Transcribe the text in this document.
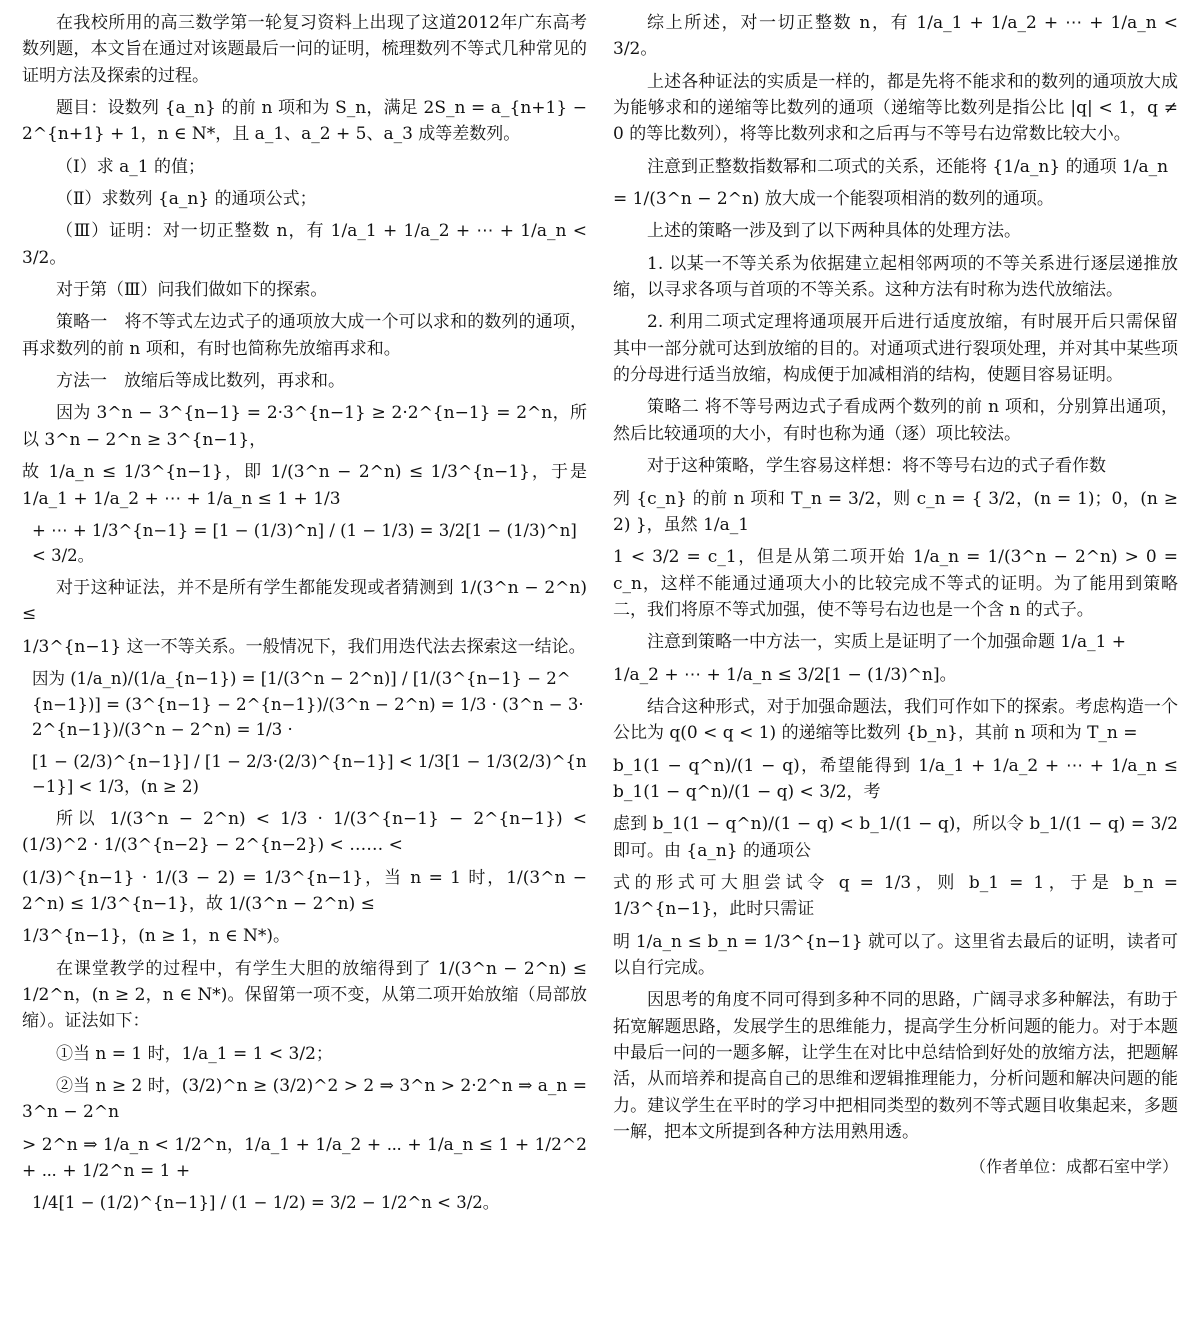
在我校所用的高三数学第一轮复习资料上出现了这道2012年广东高考数列题，本文旨在通过对该题最后一问的证明，梳理数列不等式几种常见的证明方法及探索的过程。

题目：设数列 {a_n} 的前 n 项和为 S_n，满足 2S_n = a_{n+1} − 2^{n+1} + 1，n ∈ N*，且 a_1、a_2 + 5、a_3 成等差数列。

（Ⅰ）求 a_1 的值；

（Ⅱ）求数列 {a_n} 的通项公式；

（Ⅲ）证明：对一切正整数 n，有 1/a_1 + 1/a_2 + ⋯ + 1/a_n < 3/2。

对于第（Ⅲ）问我们做如下的探索。

策略一　将不等式左边式子的通项放大成一个可以求和的数列的通项，再求数列的前 n 项和，有时也简称先放缩再求和。

方法一　放缩后等成比数列，再求和。

因为 3^n − 3^{n−1} = 2·3^{n−1} ≥ 2·2^{n−1} = 2^n，所以 3^n − 2^n ≥ 3^{n−1}，

故 1/a_n ≤ 1/3^{n−1}，即 1/(3^n − 2^n) ≤ 1/3^{n−1}，于是 1/a_1 + 1/a_2 + ⋯ + 1/a_n ≤ 1 + 1/3

+ ⋯ + 1/3^{n−1} = [1 − (1/3)^n] / (1 − 1/3) = 3/2[1 − (1/3)^n] < 3/2。

对于这种证法，并不是所有学生都能发现或者猜测到 1/(3^n − 2^n) ≤

1/3^{n−1} 这一不等关系。一般情况下，我们用迭代法去探索这一结论。

因为 (1/a_n)/(1/a_{n−1}) = [1/(3^n − 2^n)] / [1/(3^{n−1} − 2^{n−1})] = (3^{n−1} − 2^{n−1})/(3^n − 2^n) = 1/3 · (3^n − 3·2^{n−1})/(3^n − 2^n) = 1/3 ·

[1 − (2/3)^{n−1}] / [1 − 2/3·(2/3)^{n−1}] < 1/3[1 − 1/3(2/3)^{n−1}] < 1/3，(n ≥ 2)

所以 1/(3^n − 2^n) < 1/3 · 1/(3^{n−1} − 2^{n−1}) < (1/3)^2 · 1/(3^{n−2} − 2^{n−2}) < …… <

(1/3)^{n−1} · 1/(3 − 2) = 1/3^{n−1}，当 n = 1 时，1/(3^n − 2^n) ≤ 1/3^{n−1}，故 1/(3^n − 2^n) ≤

1/3^{n−1}，(n ≥ 1，n ∈ N*)。

在课堂教学的过程中，有学生大胆的放缩得到了 1/(3^n − 2^n) ≤ 1/2^n，(n ≥ 2，n ∈ N*)。保留第一项不变，从第二项开始放缩（局部放缩）。证法如下：

①当 n = 1 时，1/a_1 = 1 < 3/2；

②当 n ≥ 2 时，(3/2)^n ≥ (3/2)^2 > 2 ⇒ 3^n > 2·2^n ⇒ a_n = 3^n − 2^n

> 2^n ⇒ 1/a_n < 1/2^n，1/a_1 + 1/a_2 + ⋯ + 1/a_n ≤ 1 + 1/2^2 + ⋯ + 1/2^n = 1 +

1/4[1 − (1/2)^{n−1}] / (1 − 1/2) = 3/2 − 1/2^n < 3/2。

综上所述，对一切正整数 n，有 1/a_1 + 1/a_2 + ⋯ + 1/a_n < 3/2。

上述各种证法的实质是一样的，都是先将不能求和的数列的通项放大成为能够求和的递缩等比数列的通项（递缩等比数列是指公比 |q| < 1，q ≠ 0 的等比数列），将等比数列求和之后再与不等号右边常数比较大小。

注意到正整数指数幂和二项式的关系，还能将 {1/a_n} 的通项 1/a_n

= 1/(3^n − 2^n) 放大成一个能裂项相消的数列的通项。

上述的策略一涉及到了以下两种具体的处理方法。

1. 以某一不等关系为依据建立起相邻两项的不等关系进行逐层递推放缩，以寻求各项与首项的不等关系。这种方法有时称为迭代放缩法。

2. 利用二项式定理将通项展开后进行适度放缩，有时展开后只需保留其中一部分就可达到放缩的目的。对通项式进行裂项处理，并对其中某些项的分母进行适当放缩，构成便于加减相消的结构，使题目容易证明。

策略二 将不等号两边式子看成两个数列的前 n 项和，分别算出通项，然后比较通项的大小，有时也称为通（逐）项比较法。

对于这种策略，学生容易这样想：将不等号右边的式子看作数

列 {c_n} 的前 n 项和 T_n = 3/2，则 c_n = { 3/2，(n = 1)；0，(n ≥ 2) }，虽然 1/a_1

1 < 3/2 = c_1，但是从第二项开始 1/a_n = 1/(3^n − 2^n) > 0 = c_n，这样不能通过通项大小的比较完成不等式的证明。为了能用到策略二，我们将原不等式加强，使不等号右边也是一个含 n 的式子。

注意到策略一中方法一，实质上是证明了一个加强命题 1/a_1 +

1/a_2 + ⋯ + 1/a_n ≤ 3/2[1 − (1/3)^n]。

结合这种形式，对于加强命题法，我们可作如下的探索。考虑构造一个公比为 q(0 < q < 1) 的递缩等比数列 {b_n}，其前 n 项和为 T_n =

b_1(1 − q^n)/(1 − q)，希望能得到 1/a_1 + 1/a_2 + ⋯ + 1/a_n ≤ b_1(1 − q^n)/(1 − q) < 3/2，考

虑到 b_1(1 − q^n)/(1 − q) < b_1/(1 − q)，所以令 b_1/(1 − q) = 3/2 即可。由 {a_n} 的通项公

式的形式可大胆尝试令 q = 1/3，则 b_1 = 1，于是 b_n = 1/3^{n−1}，此时只需证

明 1/a_n ≤ b_n = 1/3^{n−1} 就可以了。这里省去最后的证明，读者可以自行完成。

因思考的角度不同可得到多种不同的思路，广阔寻求多种解法，有助于拓宽解题思路，发展学生的思维能力，提高学生分析问题的能力。对于本题中最后一问的一题多解，让学生在对比中总结恰到好处的放缩方法，把题解活，从而培养和提高自己的思维和逻辑推理能力，分析问题和解决问题的能力。建议学生在平时的学习中把相同类型的数列不等式题目收集起来，多题一解，把本文所提到各种方法用熟用透。

（作者单位：成都石室中学）
